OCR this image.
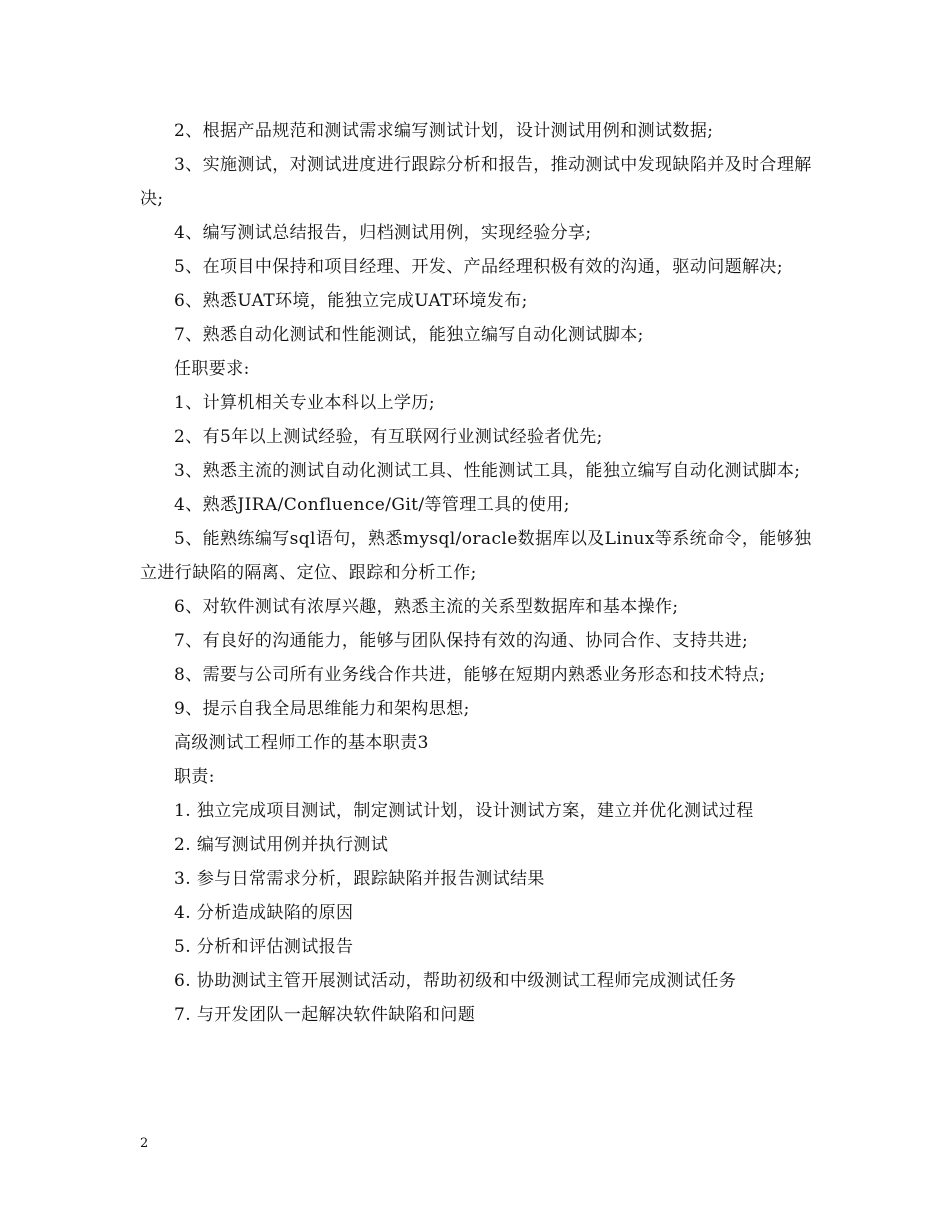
2、根据产品规范和测试需求编写测试计划，设计测试用例和测试数据;

3、实施测试，对测试进度进行跟踪分析和报告，推动测试中发现缺陷并及时合理解决;

4、编写测试总结报告，归档测试用例，实现经验分享;

5、在项目中保持和项目经理、开发、产品经理积极有效的沟通，驱动问题解决;

6、熟悉UAT环境，能独立完成UAT环境发布;

7、熟悉自动化测试和性能测试，能独立编写自动化测试脚本;

任职要求:

1、计算机相关专业本科以上学历;

2、有5年以上测试经验，有互联网行业测试经验者优先;

3、熟悉主流的测试自动化测试工具、性能测试工具，能独立编写自动化测试脚本;

4、熟悉JIRA/Confluence/Git/等管理工具的使用;

5、能熟练编写sql语句，熟悉mysql/oracle数据库以及Linux等系统命令，能够独立进行缺陷的隔离、定位、跟踪和分析工作;

6、对软件测试有浓厚兴趣，熟悉主流的关系型数据库和基本操作;

7、有良好的沟通能力，能够与团队保持有效的沟通、协同合作、支持共进;

8、需要与公司所有业务线合作共进，能够在短期内熟悉业务形态和技术特点;

9、提示自我全局思维能力和架构思想;

高级测试工程师工作的基本职责3

职责:

1. 独立完成项目测试，制定测试计划，设计测试方案，建立并优化测试过程

2. 编写测试用例并执行测试

3. 参与日常需求分析，跟踪缺陷并报告测试结果

4. 分析造成缺陷的原因

5. 分析和评估测试报告

6. 协助测试主管开展测试活动，帮助初级和中级测试工程师完成测试任务

7. 与开发团队一起解决软件缺陷和问题

2
